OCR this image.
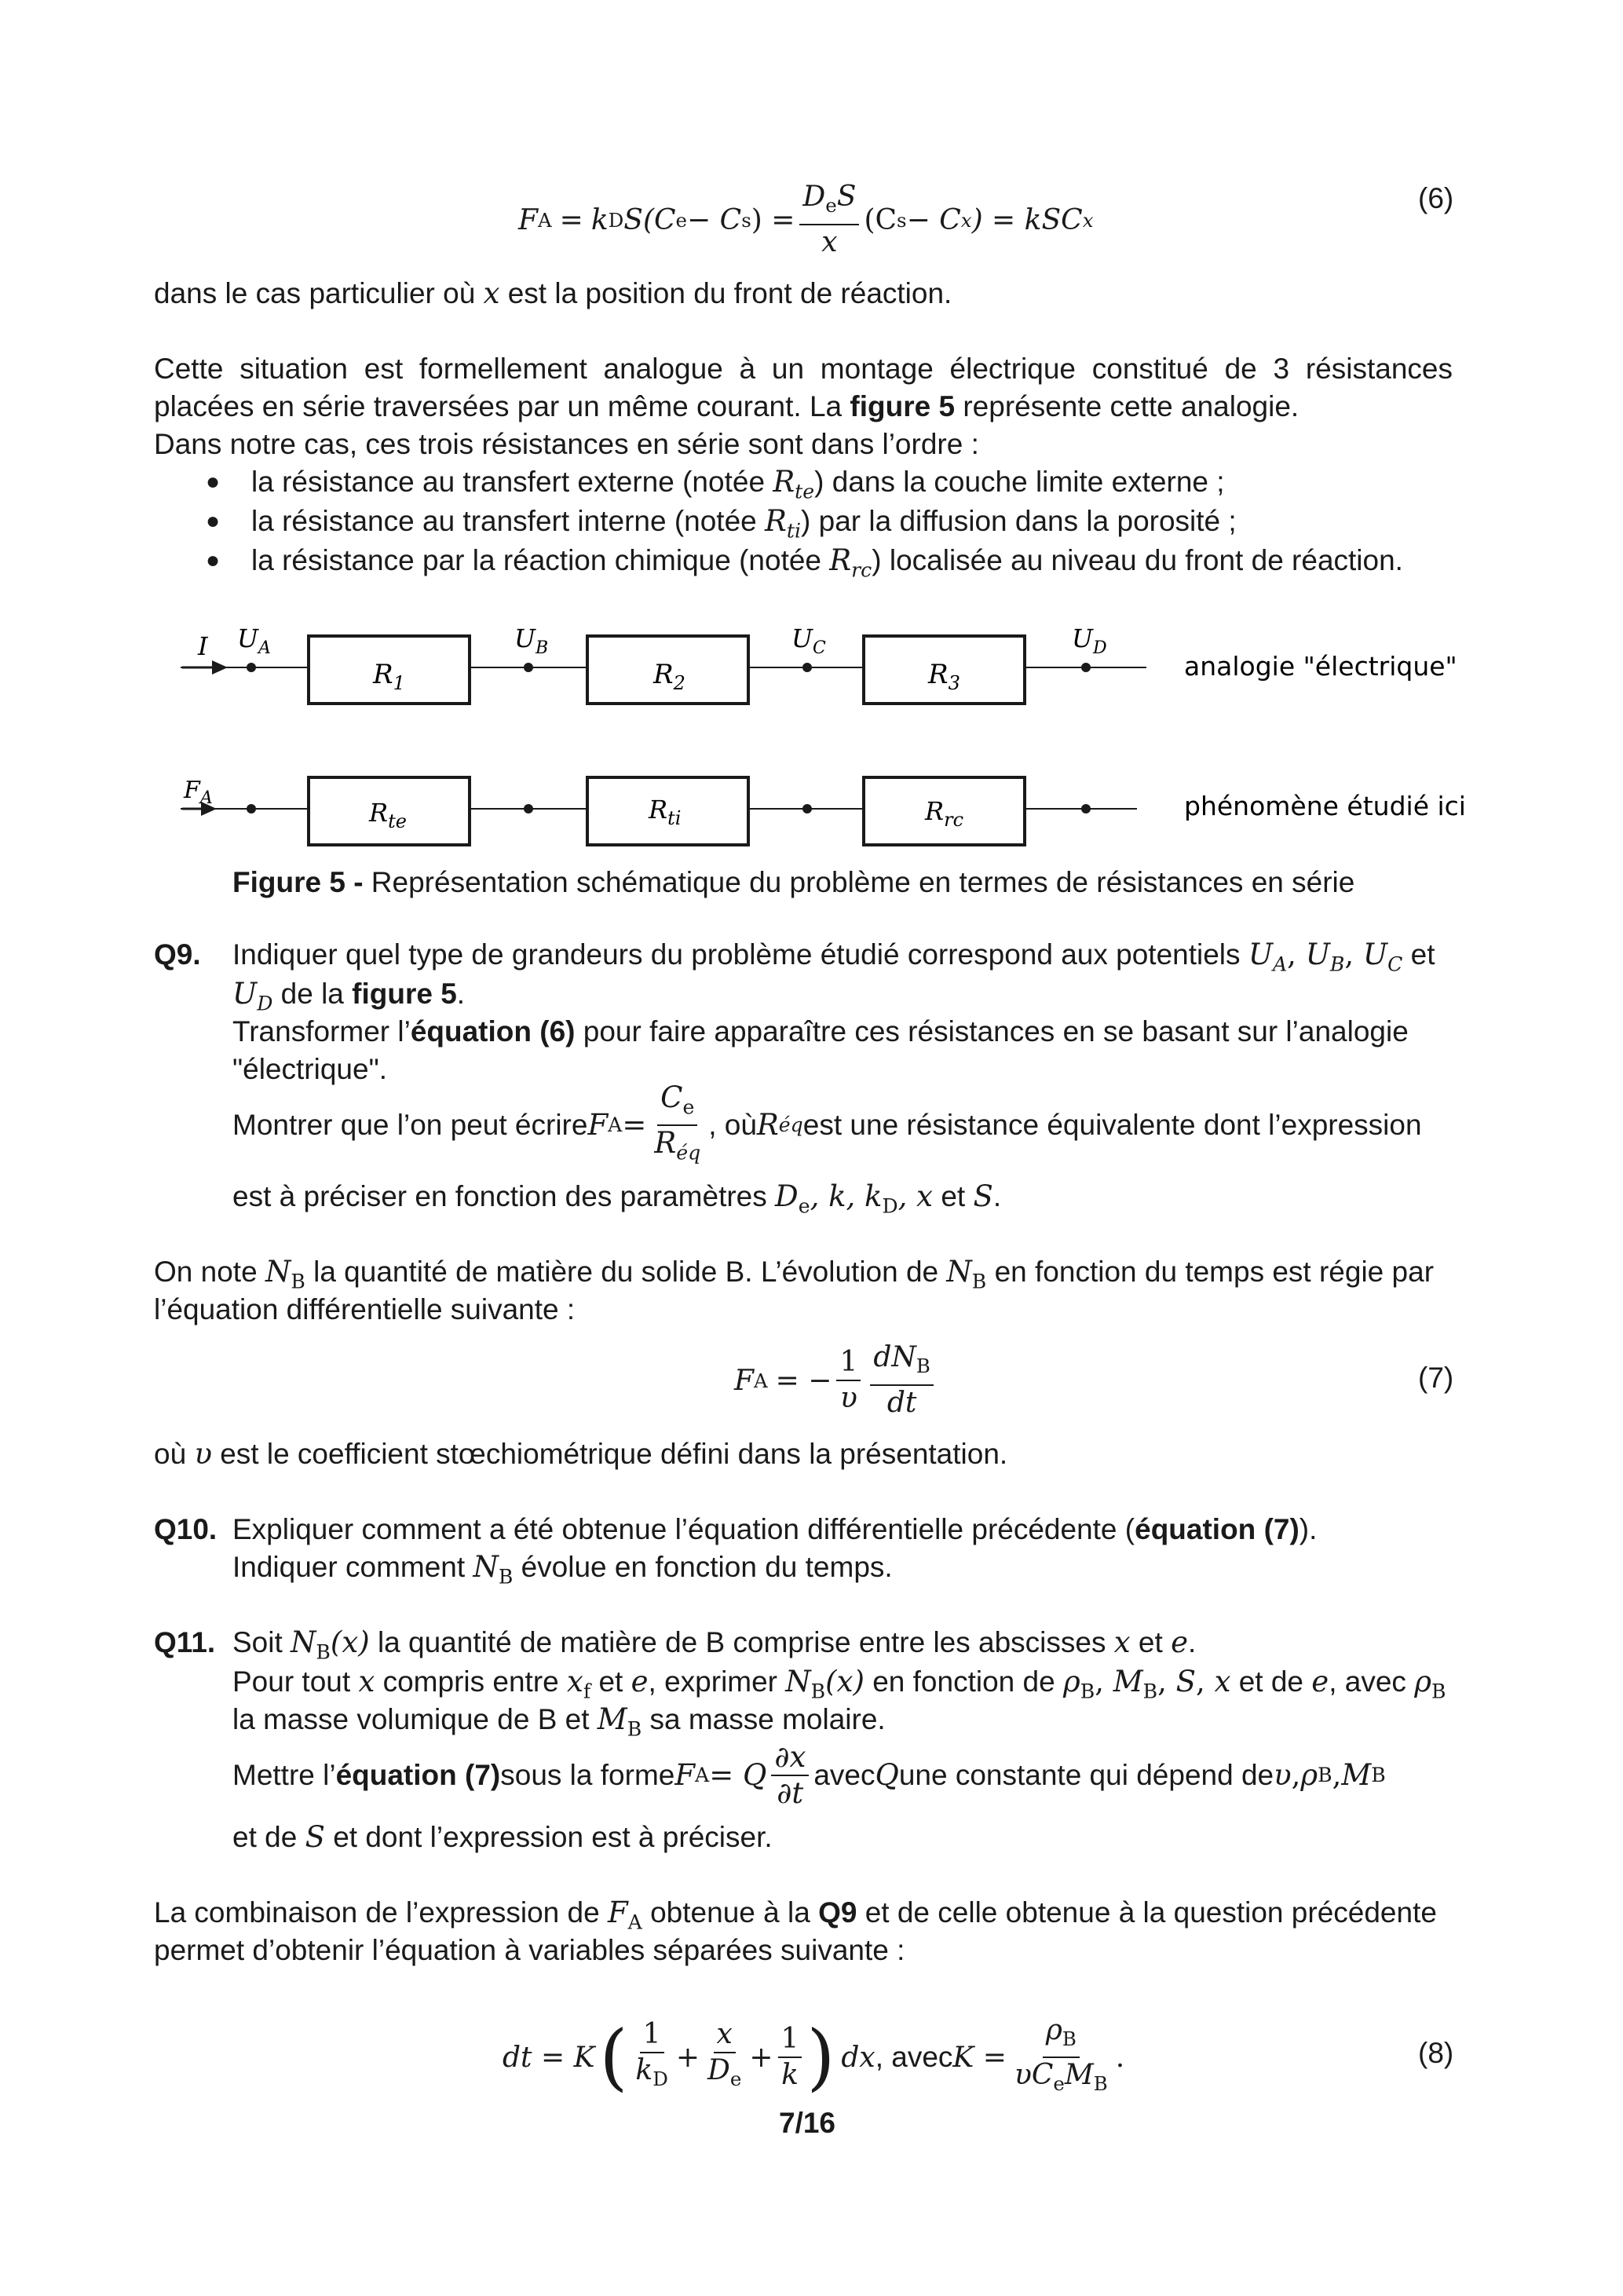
F A = k D S(C e − C s ) = $\frac{D_eS}{x} (C$ s − C x ) = kSC x
(6)
dans le cas particulier où x est la position du front de réaction.
Cette situation est formellement analogue à un montage électrique constitué de 3 résistances
placées en série traversées par un même courant. La figure 5 représente cette analogie.
Dans notre cas, ces trois résistances en série sont dans l’ordre :
● la résistance au transfert externe (notée $R_{te}$) dans la couche limite externe ;
● la résistance au transfert interne (notée $R_{ti}$) par la diffusion dans la porosité ;
● la résistance par la réaction chimique (notée $R_{rc}$) localisée au niveau du front de réaction.
I
$R_1$	$R_2$	$R_3$
$U_A$	$U_B$	$U_C$	$U_D$
analogie "électrique"
$F_A$	$R_{te}$	$R_{ti}$	$R_{rc}$	phénomène étudié ici
Figure 5 - Représentation schématique du problème en termes de résistances en série
Q9. Indiquer quel type de grandeurs du problème étudié correspond aux potentiels $U_A$, $U_B$, $U_C$ et
$U_D$ de la figure 5.
Transformer l’équation (6) pour faire apparaître ces résistances en se basant sur l’analogie
"électrique".
Montrer que l’on peut écrire F $A = \frac{C_e}{R_{éq}}$ , où R éq est une résistance équivalente dont l’expression
est à préciser en fonction des paramètres $D_e$, k, $k_D$, x et S.
On note $N_B$ la quantité de matière du solide B. L’évolution de $N_B$ en fonction du temps est régie par
l’équation différentielle suivante :
F A = − $\frac{1}{\upsilon} \frac{dN_B}{dt}$	(7)
où υ est le coefficient stœchiométrique défini dans la présentation.
Q10. Expliquer comment a été obtenue l’équation différentielle précédente (équation (7)).
Indiquer comment $N_B$ évolue en fonction du temps.
Q11. Soit $N_B(x)$ la quantité de matière de B comprise entre les abscisses x et e.
Pour tout x compris entre $x_f$ et e, exprimer $N_B(x)$ en fonction de $\rho_B$, $M_B$, S, x et de e, avec $\rho_B$
la masse volumique de B et $M_B$ sa masse molaire.
Mettre l’ équation (7) sous la forme F A = Q $\frac{\partial x}{\partial t}$ avec Q une constante qui dépend de υ , ρ B , M B
et de S et dont l’expression est à préciser.
La combinaison de l’expression de $F_A$ obtenue à la Q9 et de celle obtenue à la question précédente
permet d’obtenir l’équation à variables séparées suivante :
dt = K ( $\frac{1}{k_D} + \frac{x}{D_e} + \frac{1}{k}$ ) dx , avec $K = \frac{\rho_B}{\upsilon C_eM_B}$ .	(8)
7/16
